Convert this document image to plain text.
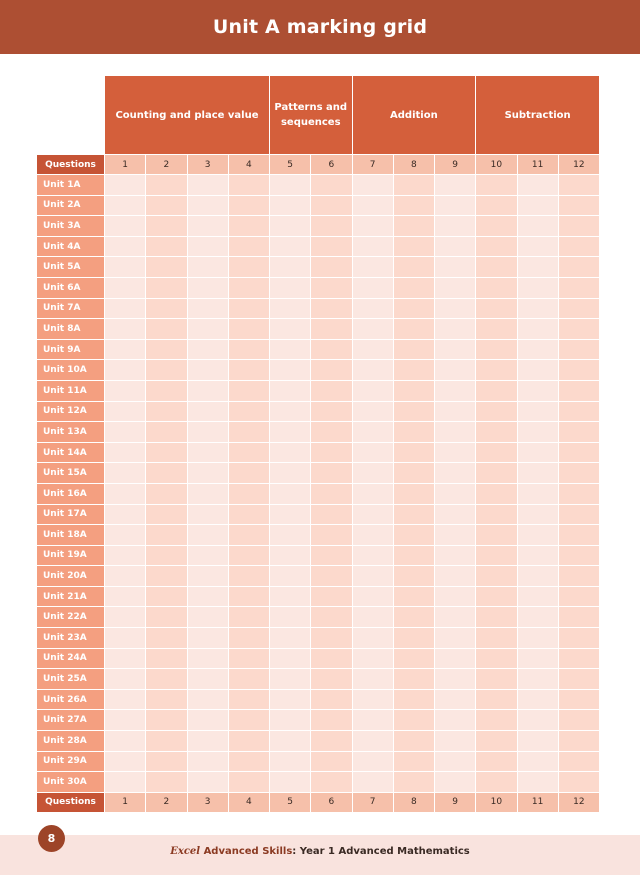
Unit A marking grid
	Counting and place value				Patterns and sequences		Addition			Subtraction		
Questions	1	2	3	4	5	6	7	8	9	10	11	12
Unit 1A												
Unit 2A												
Unit 3A												
Unit 4A												
Unit 5A												
Unit 6A												
Unit 7A												
Unit 8A												
Unit 9A												
Unit 10A												
Unit 11A												
Unit 12A												
Unit 13A												
Unit 14A												
Unit 15A												
Unit 16A												
Unit 17A												
Unit 18A												
Unit 19A												
Unit 20A												
Unit 21A												
Unit 22A												
Unit 23A												
Unit 24A												
Unit 25A												
Unit 26A												
Unit 27A												
Unit 28A												
Unit 29A												
Unit 30A												
Questions	1	2	3	4	5	6	7	8	9	10	11	12
8
Excel Advanced Skills: Year 1 Advanced Mathematics
